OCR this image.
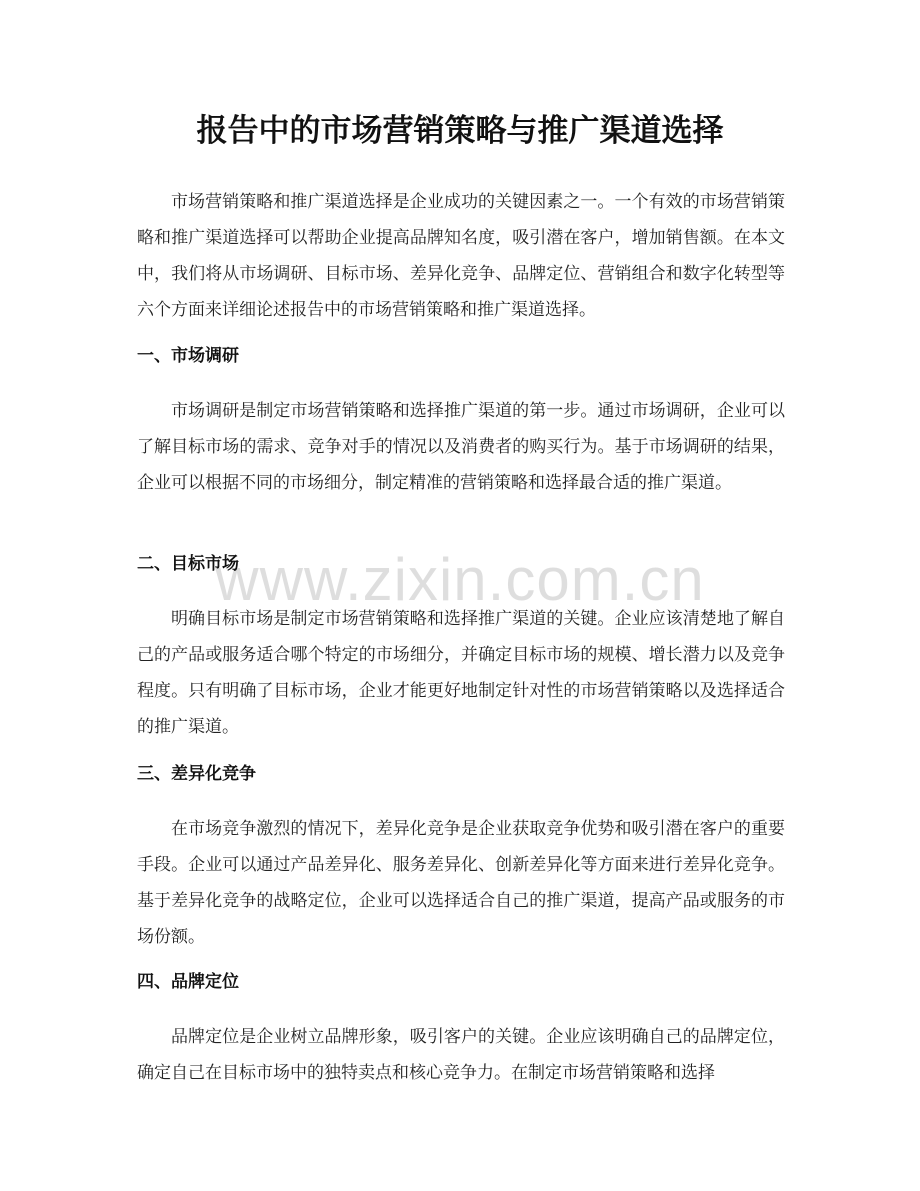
报告中的市场营销策略与推广渠道选择

市场营销策略和推广渠道选择是企业成功的关键因素之一。一个有效的市场营销策略和推广渠道选择可以帮助企业提高品牌知名度，吸引潜在客户，增加销售额。在本文中，我们将从市场调研、目标市场、差异化竞争、品牌定位、营销组合和数字化转型等六个方面来详细论述报告中的市场营销策略和推广渠道选择。

一、市场调研

市场调研是制定市场营销策略和选择推广渠道的第一步。通过市场调研，企业可以了解目标市场的需求、竞争对手的情况以及消费者的购买行为。基于市场调研的结果，企业可以根据不同的市场细分，制定精准的营销策略和选择最合适的推广渠道。

二、目标市场

明确目标市场是制定市场营销策略和选择推广渠道的关键。企业应该清楚地了解自己的产品或服务适合哪个特定的市场细分，并确定目标市场的规模、增长潜力以及竞争程度。只有明确了目标市场，企业才能更好地制定针对性的市场营销策略以及选择适合的推广渠道。

三、差异化竞争

在市场竞争激烈的情况下，差异化竞争是企业获取竞争优势和吸引潜在客户的重要手段。企业可以通过产品差异化、服务差异化、创新差异化等方面来进行差异化竞争。基于差异化竞争的战略定位，企业可以选择适合自己的推广渠道，提高产品或服务的市场份额。

四、品牌定位

品牌定位是企业树立品牌形象，吸引客户的关键。企业应该明确自己的品牌定位，确定自己在目标市场中的独特卖点和核心竞争力。在制定市场营销策略和选择

www.zixin.com.cn
